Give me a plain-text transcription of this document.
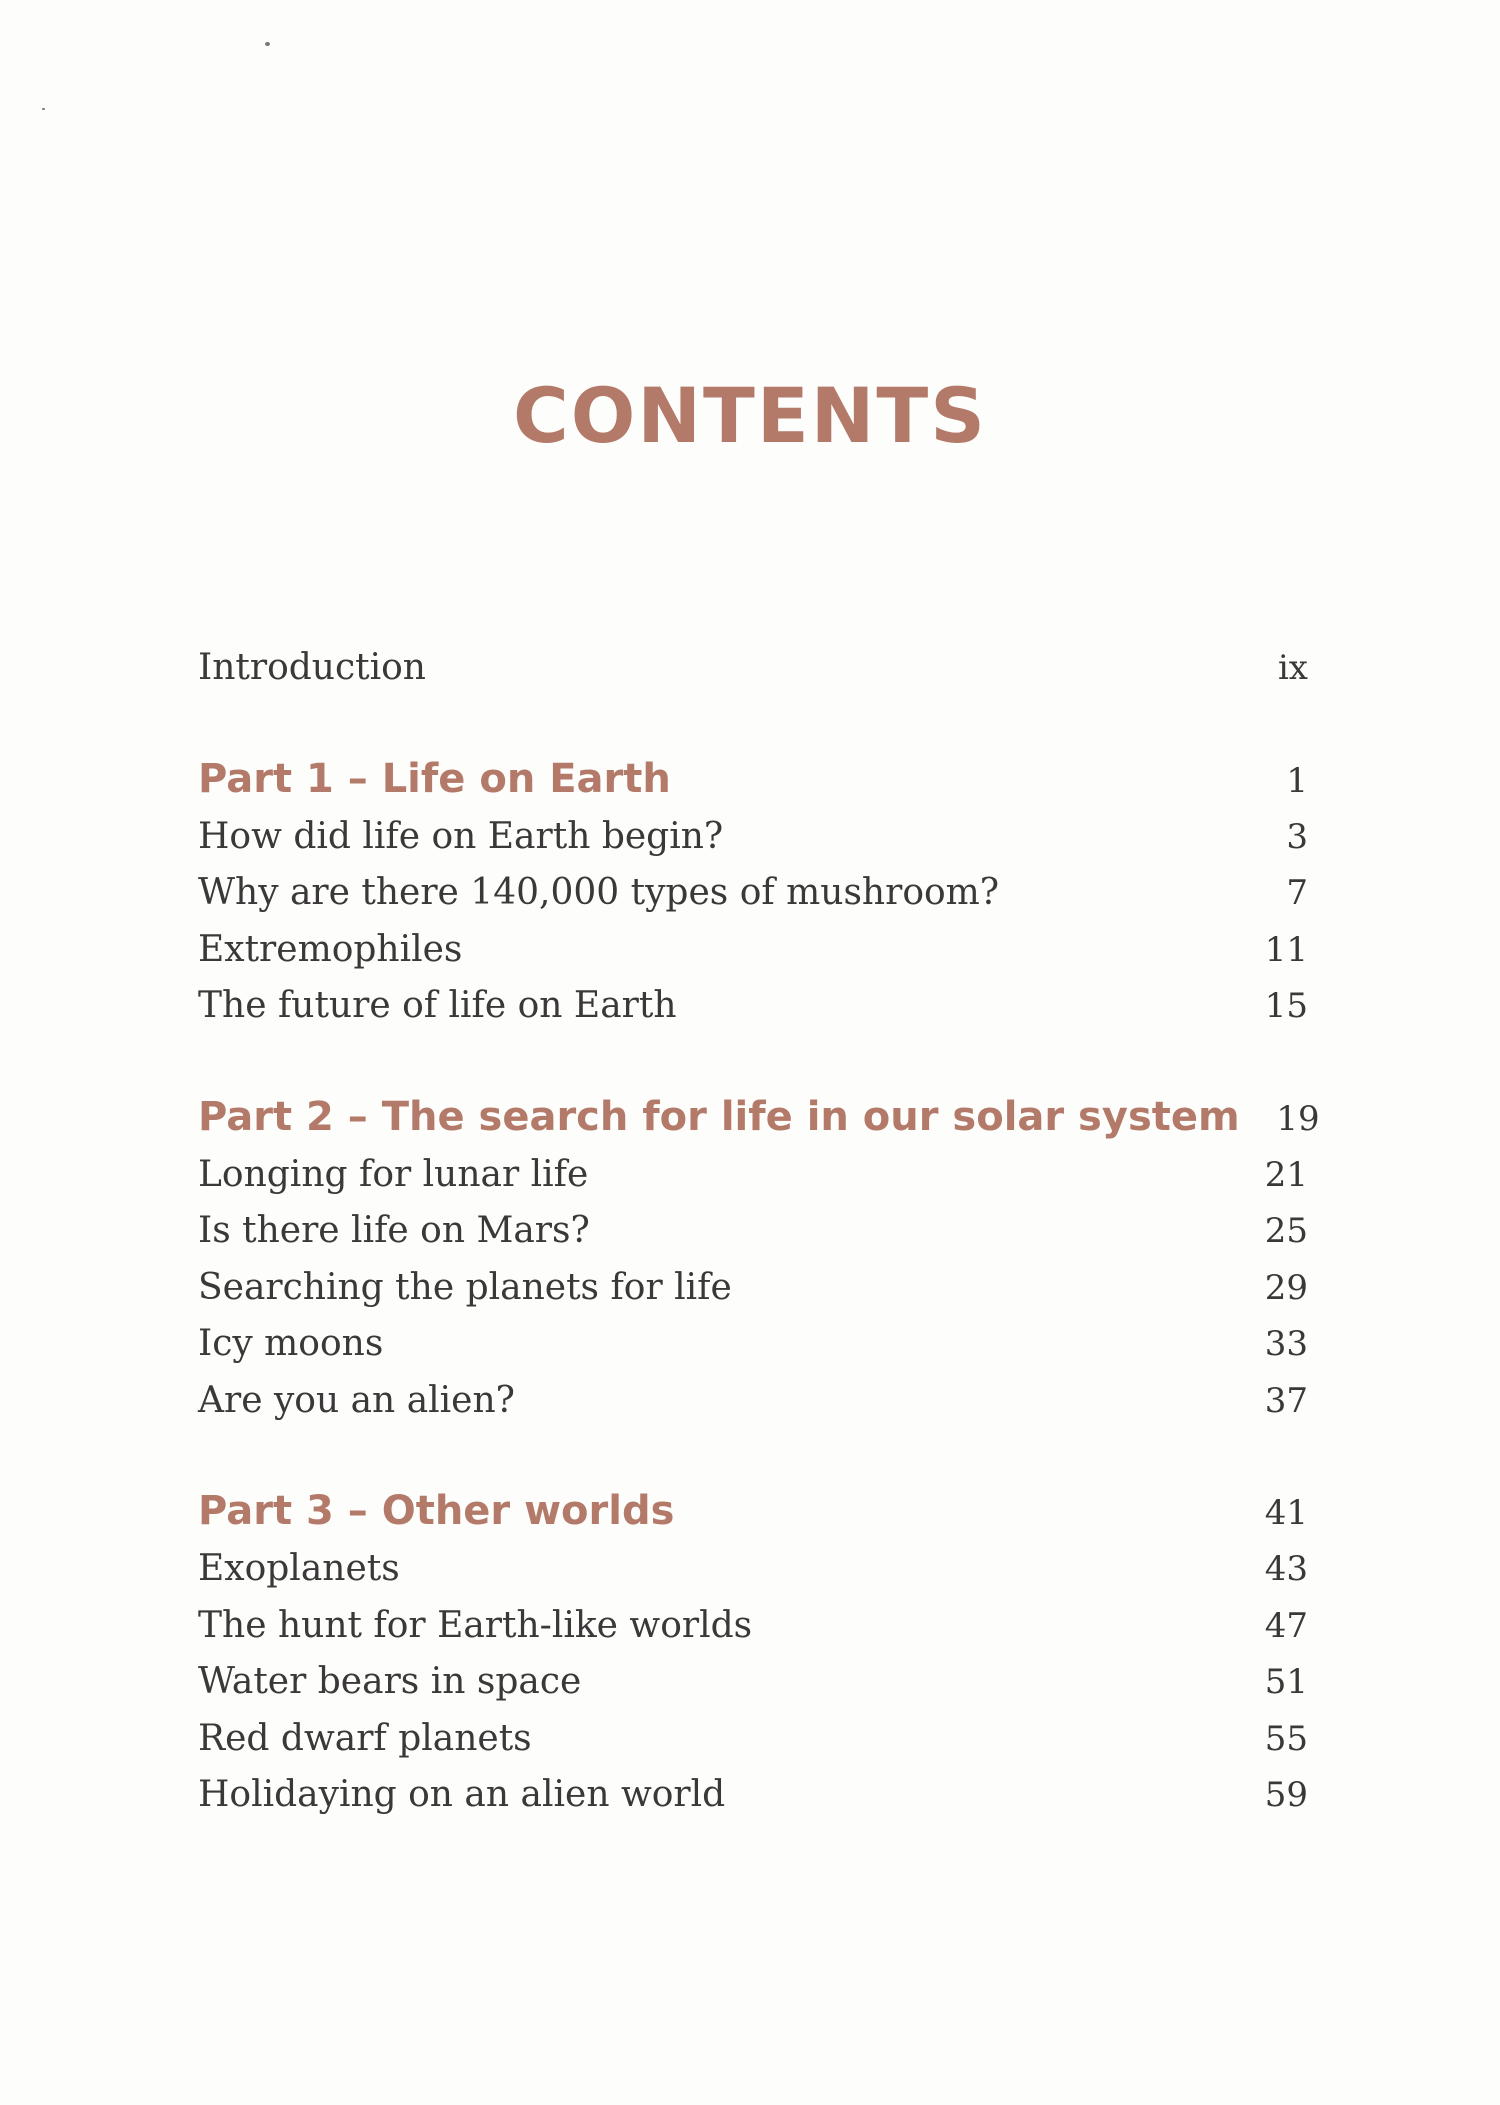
CONTENTS
Introduction	ix
Part 1 – Life on Earth	1
How did life on Earth begin?	3
Why are there 140,000 types of mushroom?	7
Extremophiles	11
The future of life on Earth	15
Part 2 – The search for life in our solar system	19
Longing for lunar life	21
Is there life on Mars?	25
Searching the planets for life	29
Icy moons	33
Are you an alien?	37
Part 3 – Other worlds	41
Exoplanets	43
The hunt for Earth-like worlds	47
Water bears in space	51
Red dwarf planets	55
Holidaying on an alien world	59
